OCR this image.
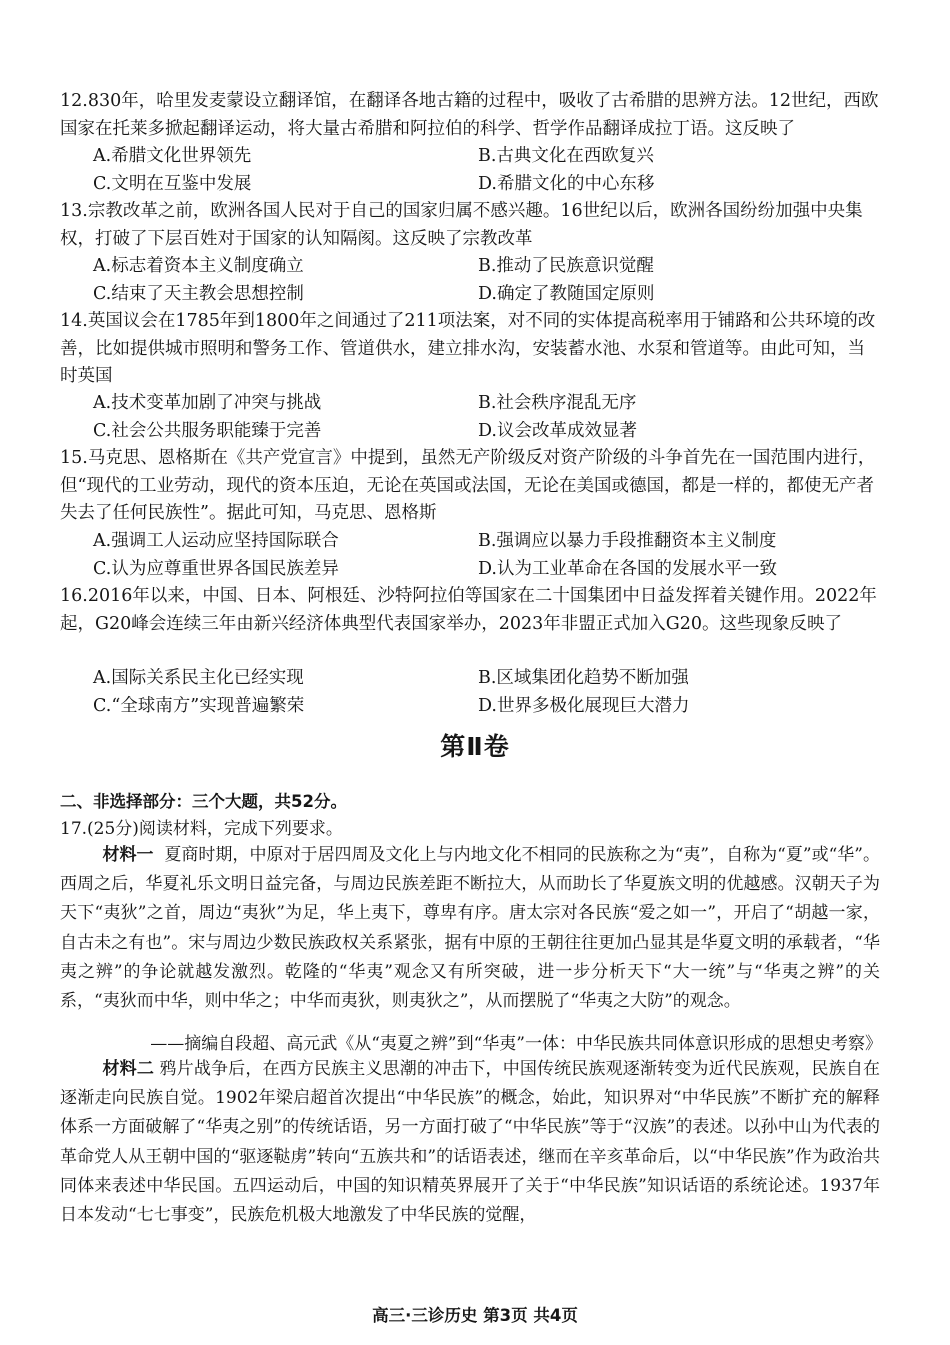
12.830年，哈里发麦蒙设立翻译馆，在翻译各地古籍的过程中，吸收了古希腊的思辨方法。12世纪，西欧国家在托莱多掀起翻译运动，将大量古希腊和阿拉伯的科学、哲学作品翻译成拉丁语。这反映了

A.希腊文化世界领先	B.古典文化在西欧复兴
C.文明在互鉴中发展	D.希腊文化的中心东移

13.宗教改革之前，欧洲各国人民对于自己的国家归属不感兴趣。16世纪以后，欧洲各国纷纷加强中央集权，打破了下层百姓对于国家的认知隔阂。这反映了宗教改革

A.标志着资本主义制度确立	B.推动了民族意识觉醒
C.结束了天主教会思想控制	D.确定了教随国定原则

14.英国议会在1785年到1800年之间通过了211项法案，对不同的实体提高税率用于铺路和公共环境的改善，比如提供城市照明和警务工作、管道供水，建立排水沟，安装蓄水池、水泵和管道等。由此可知，当时英国

A.技术变革加剧了冲突与挑战	B.社会秩序混乱无序
C.社会公共服务职能臻于完善	D.议会改革成效显著

15.马克思、恩格斯在《共产党宣言》中提到，虽然无产阶级反对资产阶级的斗争首先在一国范围内进行，但“现代的工业劳动，现代的资本压迫，无论在英国或法国，无论在美国或德国，都是一样的，都使无产者失去了任何民族性”。据此可知，马克思、恩格斯

A.强调工人运动应坚持国际联合	B.强调应以暴力手段推翻资本主义制度
C.认为应尊重世界各国民族差异	D.认为工业革命在各国的发展水平一致

16.2016年以来，中国、日本、阿根廷、沙特阿拉伯等国家在二十国集团中日益发挥着关键作用。2022年起，G20峰会连续三年由新兴经济体典型代表国家举办，2023年非盟正式加入G20。这些现象反映了

A.国际关系民主化已经实现	B.区域集团化趋势不断加强
C.“全球南方”实现普遍繁荣	D.世界多极化展现巨大潜力
第Ⅱ卷
二、非选择部分：三个大题，共52分。
17.(25分)阅读材料，完成下列要求。

材料一 夏商时期，中原对于居四周及文化上与内地文化不相同的民族称之为“夷”，自称为“夏”或“华”。西周之后，华夏礼乐文明日益完备，与周边民族差距不断拉大，从而助长了华夏族文明的优越感。汉朝天子为天下“夷狄”之首，周边“夷狄”为足，华上夷下，尊卑有序。唐太宗对各民族“爱之如一”，开启了“胡越一家，自古未之有也”。宋与周边少数民族政权关系紧张，据有中原的王朝往往更加凸显其是华夏文明的承载者，“华夷之辨”的争论就越发激烈。乾隆的“华夷”观念又有所突破，进一步分析天下“大一统”与“华夷之辨”的关系，“夷狄而中华，则中华之；中华而夷狄，则夷狄之”，从而摆脱了“华夷之大防”的观念。

——摘编自段超、高元武《从“夷夏之辨”到“华夷”一体：中华民族共同体意识形成的思想史考察》

材料二 鸦片战争后，在西方民族主义思潮的冲击下，中国传统民族观逐渐转变为近代民族观，民族自在逐渐走向民族自觉。1902年梁启超首次提出“中华民族”的概念，始此，知识界对“中华民族”不断扩充的解释体系一方面破解了“华夷之别”的传统话语，另一方面打破了“中华民族”等于“汉族”的表述。以孙中山为代表的革命党人从王朝中国的“驱逐鞑虏”转向“五族共和”的话语表述，继而在辛亥革命后，以“中华民族”作为政治共同体来表述中华民国。五四运动后，中国的知识精英界展开了关于“中华民族”知识话语的系统论述。1937年日本发动“七七事变”，民族危机极大地激发了中华民族的觉醒，

高三·三诊历史 第3页 共4页
